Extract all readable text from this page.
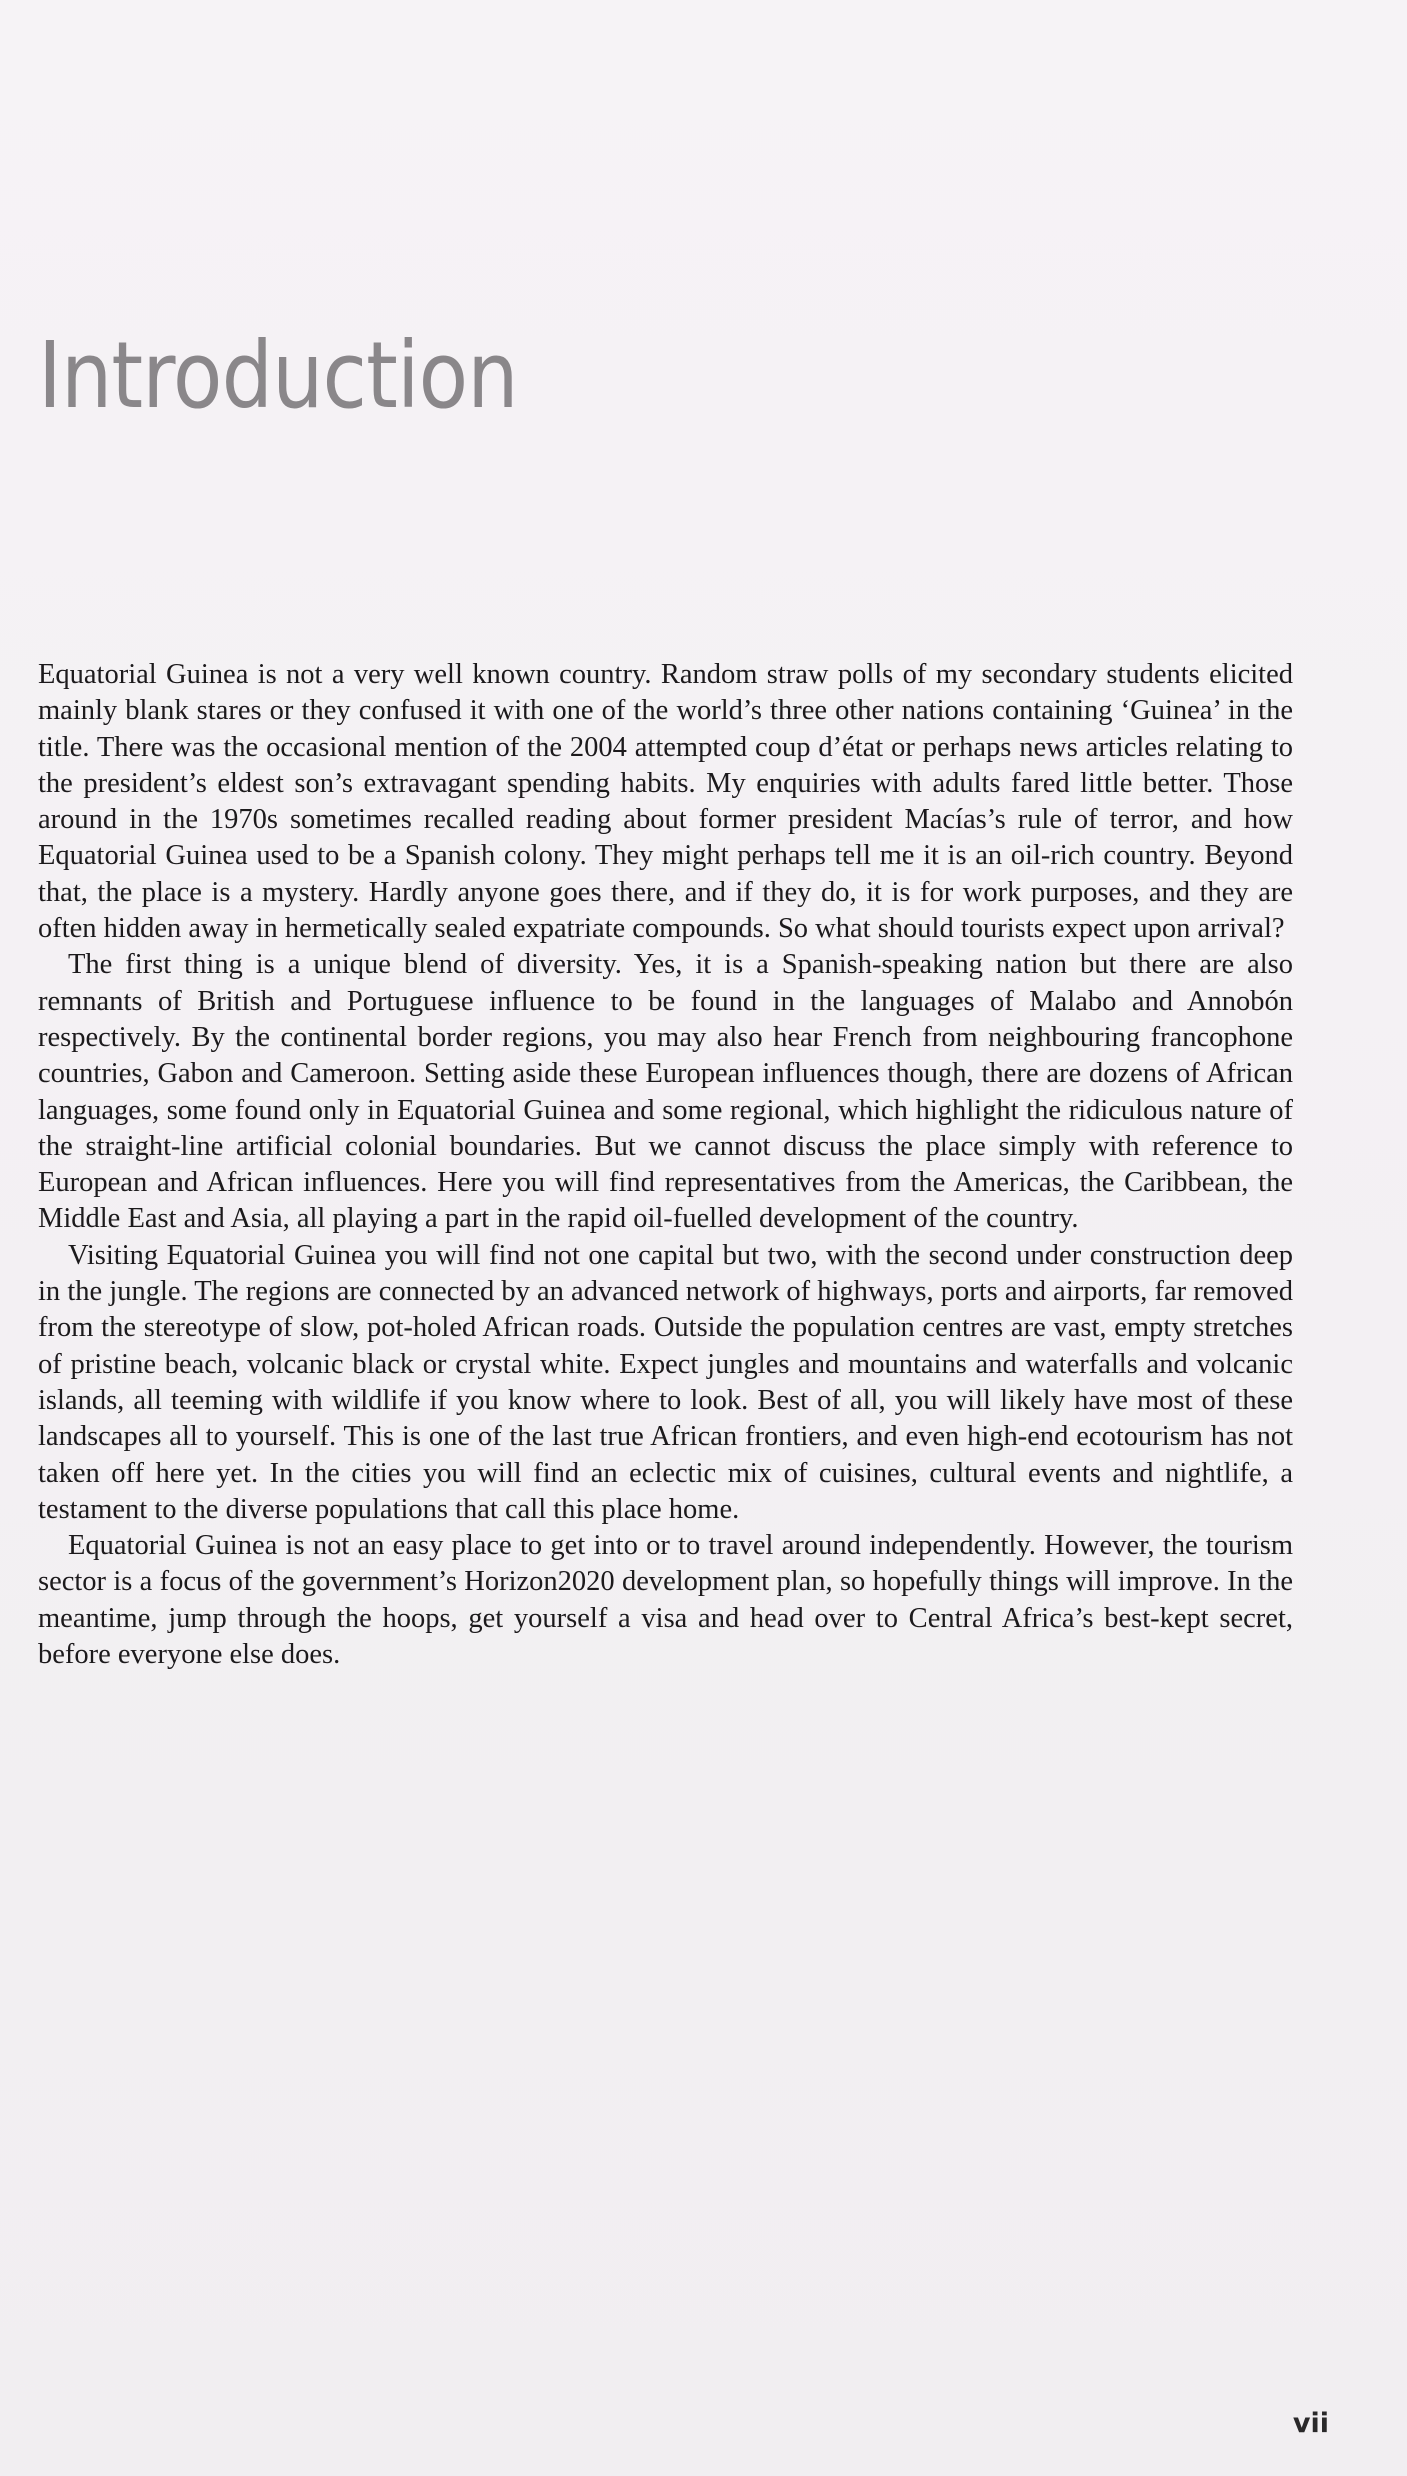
Introduction

Equatorial Guinea is not a very well known country. Random straw polls of my secondary students elicited mainly blank stares or they confused it with one of the world’s three other nations containing ‘Guinea’ in the title. There was the occasional mention of the 2004 attempted coup d’état or perhaps news articles relating to the president’s eldest son’s extravagant spending habits. My enquiries with adults fared little better. Those around in the 1970s sometimes recalled reading about former president Macías’s rule of terror, and how Equatorial Guinea used to be a Spanish colony. They might perhaps tell me it is an oil-rich country. Beyond that, the place is a mystery. Hardly anyone goes there, and if they do, it is for work purposes, and they are often hidden away in hermetically sealed expatriate compounds. So what should tourists expect upon arrival?

The first thing is a unique blend of diversity. Yes, it is a Spanish-speaking nation but there are also remnants of British and Portuguese influence to be found in the languages of Malabo and Annobón respectively. By the continental border regions, you may also hear French from neighbouring francophone countries, Gabon and Cameroon. Setting aside these European influences though, there are dozens of African languages, some found only in Equatorial Guinea and some regional, which highlight the ridiculous nature of the straight-line artificial colonial boundaries. But we cannot discuss the place simply with reference to European and African influences. Here you will find representatives from the Americas, the Caribbean, the Middle East and Asia, all playing a part in the rapid oil-fuelled development of the country.

Visiting Equatorial Guinea you will find not one capital but two, with the second under construction deep in the jungle. The regions are connected by an advanced network of highways, ports and airports, far removed from the stereotype of slow, pot-holed African roads. Outside the population centres are vast, empty stretches of pristine beach, volcanic black or crystal white. Expect jungles and mountains and waterfalls and volcanic islands, all teeming with wildlife if you know where to look. Best of all, you will likely have most of these landscapes all to yourself. This is one of the last true African frontiers, and even high-end ecotourism has not taken off here yet. In the cities you will find an eclectic mix of cuisines, cultural events and nightlife, a testament to the diverse populations that call this place home.

Equatorial Guinea is not an easy place to get into or to travel around independently. However, the tourism sector is a focus of the government’s Horizon2020 development plan, so hopefully things will improve. In the meantime, jump through the hoops, get yourself a visa and head over to Central Africa’s best-kept secret, before everyone else does.

vii
